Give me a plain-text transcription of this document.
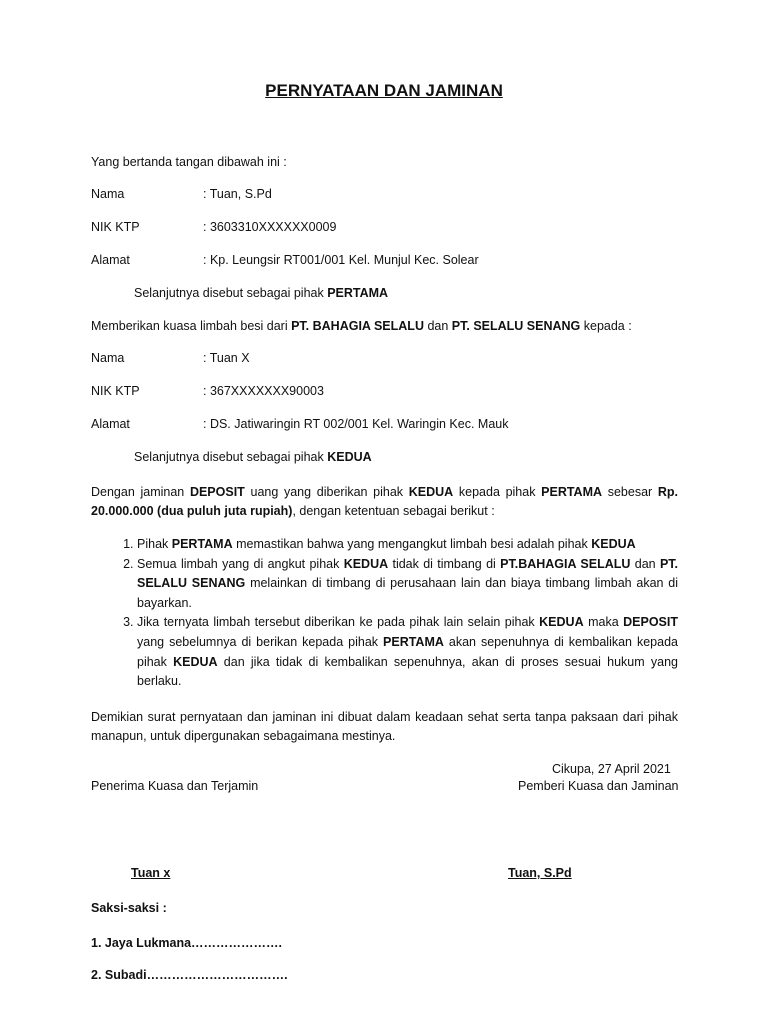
PERNYATAAN DAN JAMINAN
Yang bertanda tangan dibawah ini :
Nama	: Tuan, S.Pd
NIK KTP	: 3603310XXXXXX0009
Alamat	: Kp. Leungsir RT001/001 Kel. Munjul Kec. Solear
Selanjutnya disebut sebagai pihak PERTAMA
Memberikan kuasa limbah besi dari PT. BAHAGIA SELALU dan PT. SELALU SENANG kepada :
Nama	: Tuan X
NIK KTP	: 367XXXXXXX90003
Alamat	: DS. Jatiwaringin RT 002/001 Kel. Waringin Kec. Mauk
Selanjutnya disebut sebagai pihak KEDUA
Dengan jaminan DEPOSIT uang yang diberikan pihak KEDUA kepada pihak PERTAMA sebesar Rp. 20.000.000 (dua puluh juta rupiah), dengan ketentuan sebagai berikut :
1. Pihak PERTAMA memastikan bahwa yang mengangkut limbah besi adalah pihak KEDUA
2. Semua limbah yang di angkut pihak KEDUA tidak di timbang di PT.BAHAGIA SELALU dan PT. SELALU SENANG melainkan di timbang di perusahaan lain dan biaya timbang limbah akan di bayarkan.
3. Jika ternyata limbah tersebut diberikan ke pada pihak lain selain pihak KEDUA maka DEPOSIT yang sebelumnya di berikan kepada pihak PERTAMA akan sepenuhnya di kembalikan kepada pihak KEDUA dan jika tidak di kembalikan sepenuhnya, akan di proses sesuai hukum yang berlaku.
Demikian surat pernyataan dan jaminan ini dibuat dalam keadaan sehat serta tanpa paksaan dari pihak manapun, untuk dipergunakan sebagaimana mestinya.
Cikupa, 27 April 2021
Penerima Kuasa dan Terjamin	Pemberi Kuasa dan Jaminan
Tuan x	Tuan, S.Pd
Saksi-saksi :
1. Jaya Lukmana………………….
2. Subadi…………………………….
